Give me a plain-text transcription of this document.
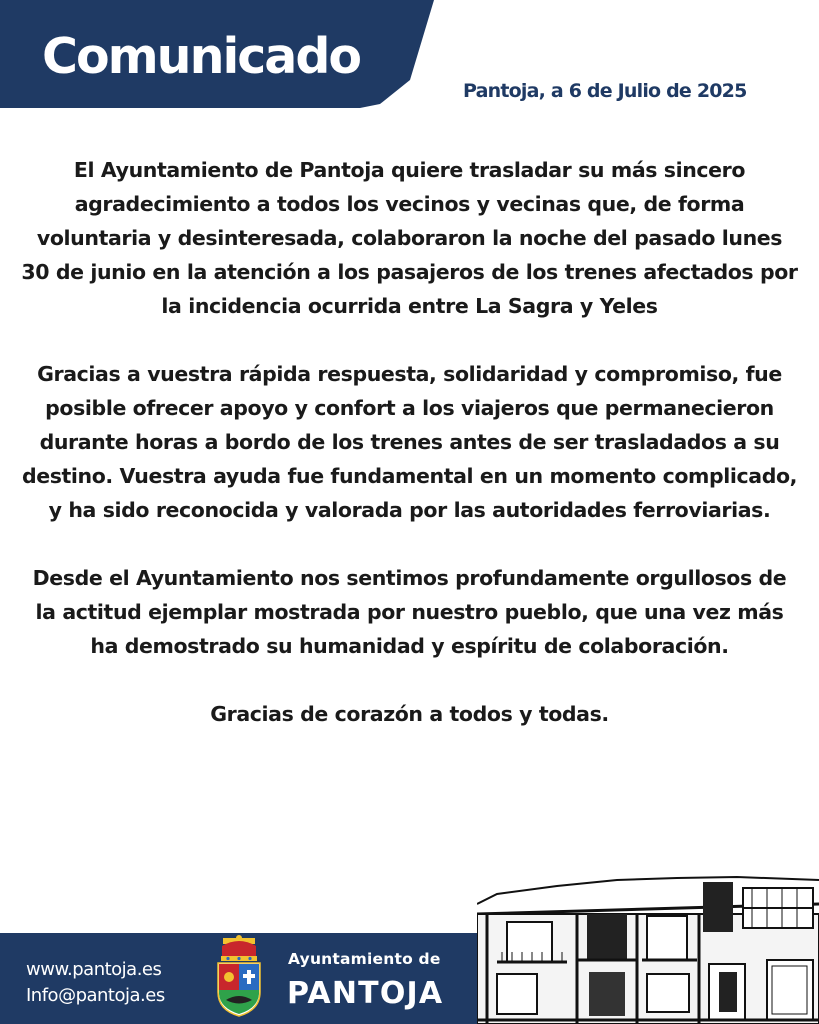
Comunicado
Pantoja, a 6 de Julio de 2025

El Ayuntamiento de Pantoja quiere trasladar su más sincero agradecimiento a todos los vecinos y vecinas que, de forma voluntaria y desinteresada, colaboraron la noche del pasado lunes 30 de junio en la atención a los pasajeros de los trenes afectados por la incidencia ocurrida entre La Sagra y Yeles

Gracias a vuestra rápida respuesta, solidaridad y compromiso, fue posible ofrecer apoyo y confort a los viajeros que permanecieron durante horas a bordo de los trenes antes de ser trasladados a su destino. Vuestra ayuda fue fundamental en un momento complicado, y ha sido reconocida y valorada por las autoridades ferroviarias.

Desde el Ayuntamiento nos sentimos profundamente orgullosos de la actitud ejemplar mostrada por nuestro pueblo, que una vez más ha demostrado su humanidad y espíritu de colaboración.

Gracias de corazón a todos y todas.

www.pantoja.es
Info@pantoja.es
Ayuntamiento de
PANTOJA
